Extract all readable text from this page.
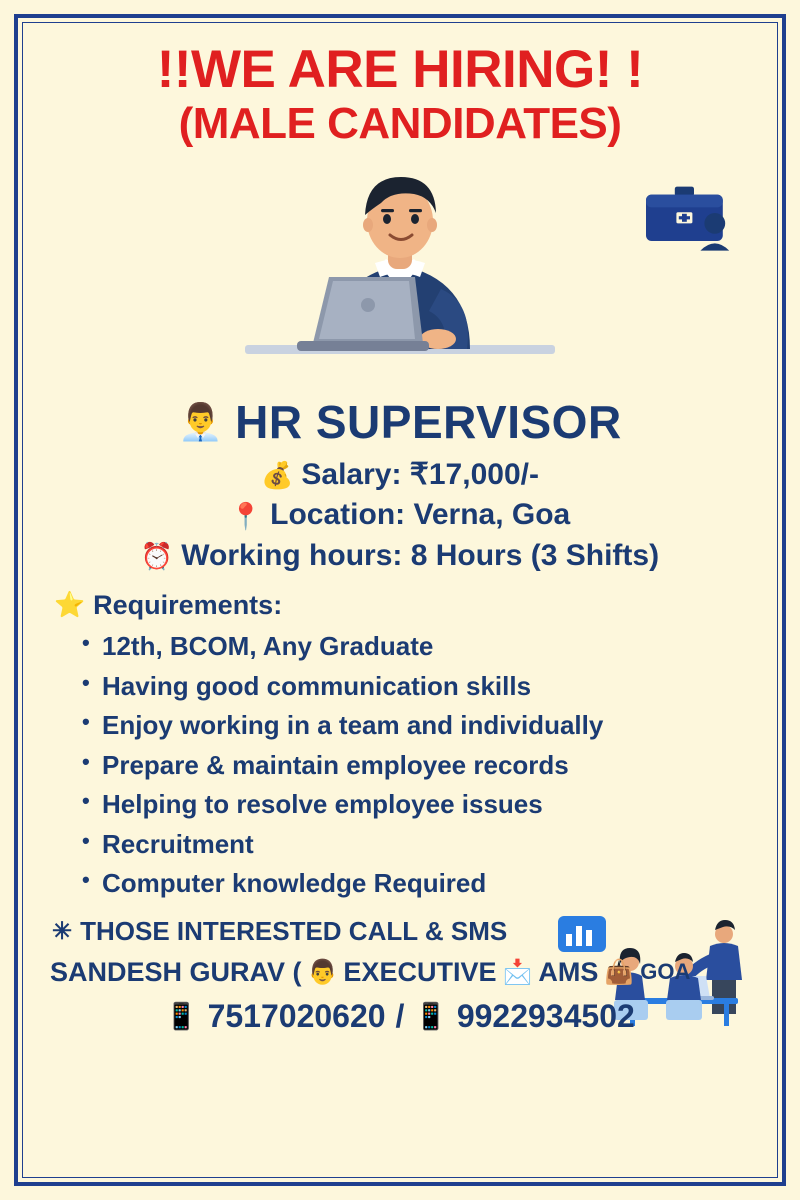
!!WE ARE HIRING! !
(MALE CANDIDATES)
👨‍💼 HR SUPERVISOR
💰 Salary: ₹17,000/-
📍 Location: Verna, Goa
⏰ Working hours: 8 Hours (3 Shifts)
⭐ Requirements:
• 12th, BCOM, Any Graduate
• Having good communication skills
• Enjoy working in a team and individually
• Prepare & maintain employee records
• Helping to resolve employee issues
• Recruitment
• Computer knowledge Required
✳ THOSE INTERESTED CALL & SMS
SANDESH GURAV ( 👨 EXECUTIVE 📩 AMS 👜 GOA
📱 7517020620 / 📱 9922934502
